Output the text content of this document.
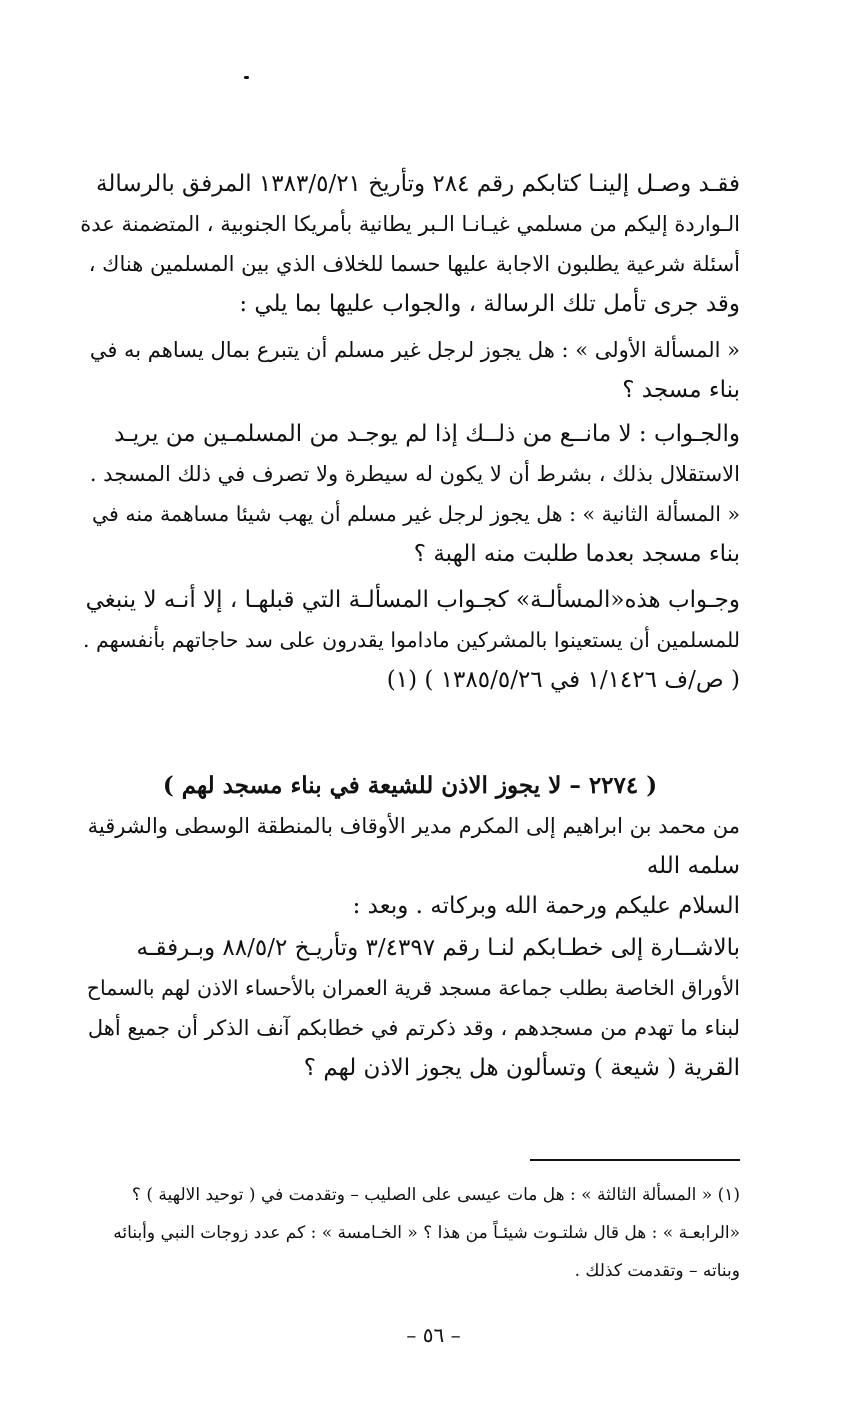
فقـد وصـل إلينـا كتابكم رقم ٢٨٤ وتأريخ ١٣٨٣/٥/٢١ المرفق بالرسالة
الـواردة إليكم من مسلمي غيـانـا الـبر يطانية بأمريكا الجنوبية ، المتضمنة عدة
أسئلة شرعية يطلبون الاجابة عليها حسما للخلاف الذي بين المسلمين هناك ،
وقد جرى تأمل تلك الرسالة ، والجواب عليها بما يلي :
« المسألة الأولى » : هل يجوز لرجل غير مسلم أن يتبرع بمال يساهم به في
بناء مسجد ؟
والجـواب : لا مانــع من ذلــك إذا لم يوجـد من المسلمـين من يريـد
الاستقلال بذلك ، بشرط أن لا يكون له سيطرة ولا تصرف في ذلك المسجد .
« المسألة الثانية » : هل يجوز لرجل غير مسلم أن يهب شيئا مساهمة منه في
بناء مسجد بعدما طلبت منه الهبة ؟
وجـواب هذه«المسألـة» كجـواب المسألـة التي قبلهـا ، إلا أنـه لا ينبغي
للمسلمين أن يستعينوا بالمشركين ماداموا يقدرون على سد حاجاتهم بأنفسهم .
( ص/ف ١/١٤٢٦ في ١٣٨٥/٥/٢٦ ) (١)
( ٢٢٧٤ – لا يجوز الاذن للشيعة في بناء مسجد لهم )
من محمد بن ابراهيم إلى المكرم مدير الأوقاف بالمنطقة الوسطى والشرقية
سلمه الله
السلام عليكم ورحمة الله وبركاته . وبعد :
بالاشــارة إلى خطـابكم لنـا رقم ٣/٤٣٩٧ وتأريـخ ٨٨/٥/٢ وبـرفقـه
الأوراق الخاصة بطلب جماعة مسجد قرية العمران بالأحساء الاذن لهم بالسماح
لبناء ما تهدم من مسجدهم ، وقد ذكرتم في خطابكم آنف الذكر أن جميع أهل
القرية ( شيعة ) وتسألون هل يجوز الاذن لهم ؟
(١) « المسألة الثالثة » : هل مات عيسى على الصليب – وتقدمت في ( توحيد الالهية ) ؟
«الرابعـة » : هل قال شلتـوت شيئـاً من هذا ؟ « الخـامسة » : كم عدد زوجات النبي وأبنائه
وبناته – وتقدمت كذلك .
– ٥٦ –
